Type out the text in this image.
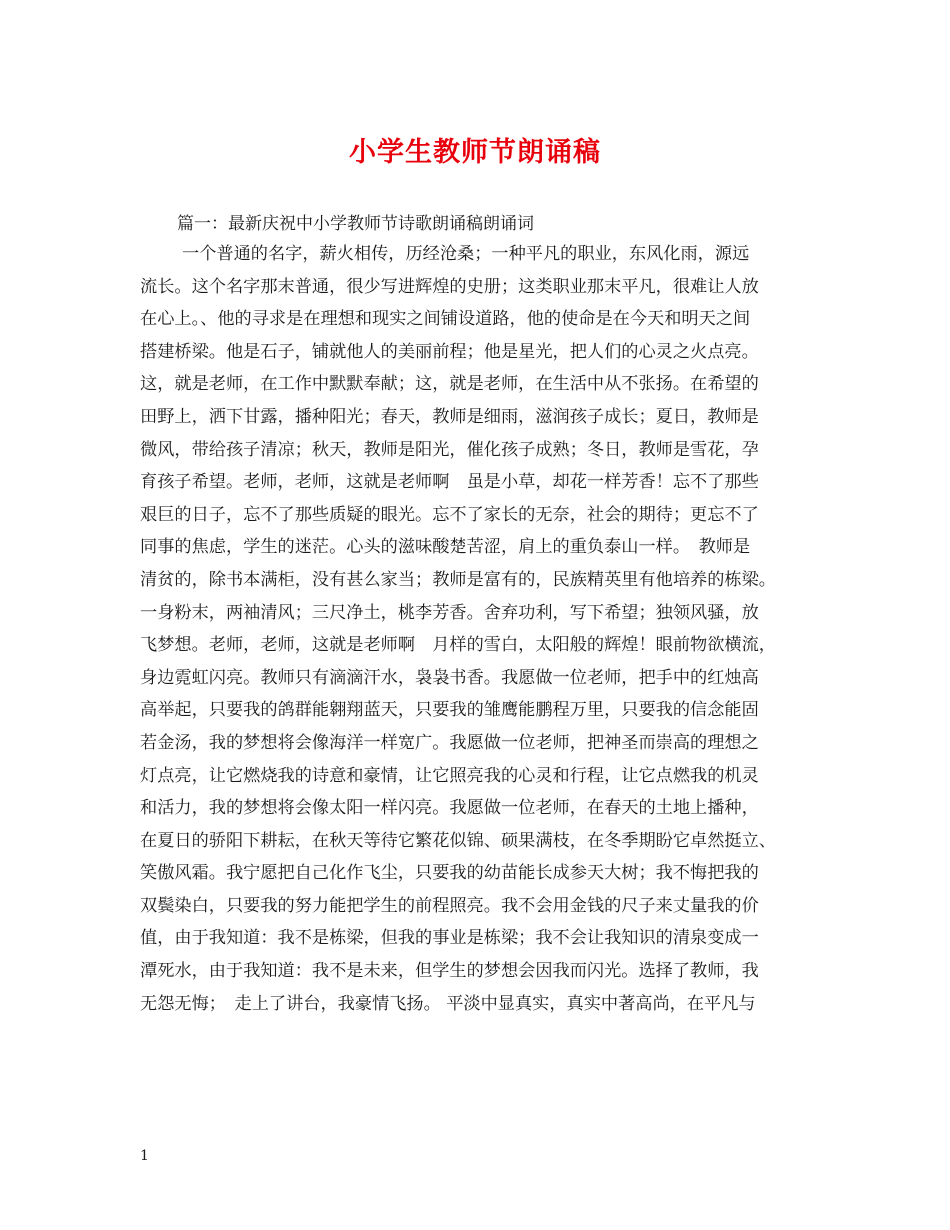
小学生教师节朗诵稿
篇一：最新庆祝中小学教师节诗歌朗诵稿朗诵词
一个普通的名字，薪火相传，历经沧桑；一种平凡的职业，东风化雨，源远
流长。这个名字那末普通，很少写进辉煌的史册；这类职业那末平凡，很难让人放
在心上。、他的寻求是在理想和现实之间铺设道路，他的使命是在今天和明天之间
搭建桥梁。他是石子，铺就他人的美丽前程；他是星光，把人们的心灵之火点亮。
这，就是老师，在工作中默默奉献；这，就是老师，在生活中从不张扬。在希望的
田野上，洒下甘露，播种阳光；春天，教师是细雨，滋润孩子成长；夏日，教师是
微风，带给孩子清凉；秋天，教师是阳光，催化孩子成熟；冬日，教师是雪花，孕
育孩子希望。老师，老师，这就是老师啊　虽是小草，却花一样芳香！忘不了那些
艰巨的日子，忘不了那些质疑的眼光。忘不了家长的无奈，社会的期待；更忘不了
同事的焦虑，学生的迷茫。心头的滋味酸楚苦涩，肩上的重负泰山一样。　教师是
清贫的，除书本满柜，没有甚么家当；教师是富有的，民族精英里有他培养的栋梁。
一身粉末，两袖清风；三尺净土，桃李芳香。舍弃功利，写下希望；独领风骚，放
飞梦想。老师，老师，这就是老师啊　月样的雪白，太阳般的辉煌！眼前物欲横流，
身边霓虹闪亮。教师只有滴滴汗水，袅袅书香。我愿做一位老师，把手中的红烛高
高举起，只要我的鸽群能翱翔蓝天，只要我的雏鹰能鹏程万里，只要我的信念能固
若金汤，我的梦想将会像海洋一样宽广。我愿做一位老师，把神圣而崇高的理想之
灯点亮，让它燃烧我的诗意和豪情，让它照亮我的心灵和行程，让它点燃我的机灵
和活力，我的梦想将会像太阳一样闪亮。我愿做一位老师，在春天的土地上播种，
在夏日的骄阳下耕耘，在秋天等待它繁花似锦、硕果满枝，在冬季期盼它卓然挺立、
笑傲风霜。我宁愿把自己化作飞尘，只要我的幼苗能长成参天大树；我不悔把我的
双鬓染白，只要我的努力能把学生的前程照亮。我不会用金钱的尺子来丈量我的价
值，由于我知道：我不是栋梁，但我的事业是栋梁；我不会让我知识的清泉变成一
潭死水，由于我知道：我不是未来，但学生的梦想会因我而闪光。选择了教师，我
无怨无悔；　走上了讲台，我豪情飞扬。 平淡中显真实，真实中著高尚，在平凡与
1
